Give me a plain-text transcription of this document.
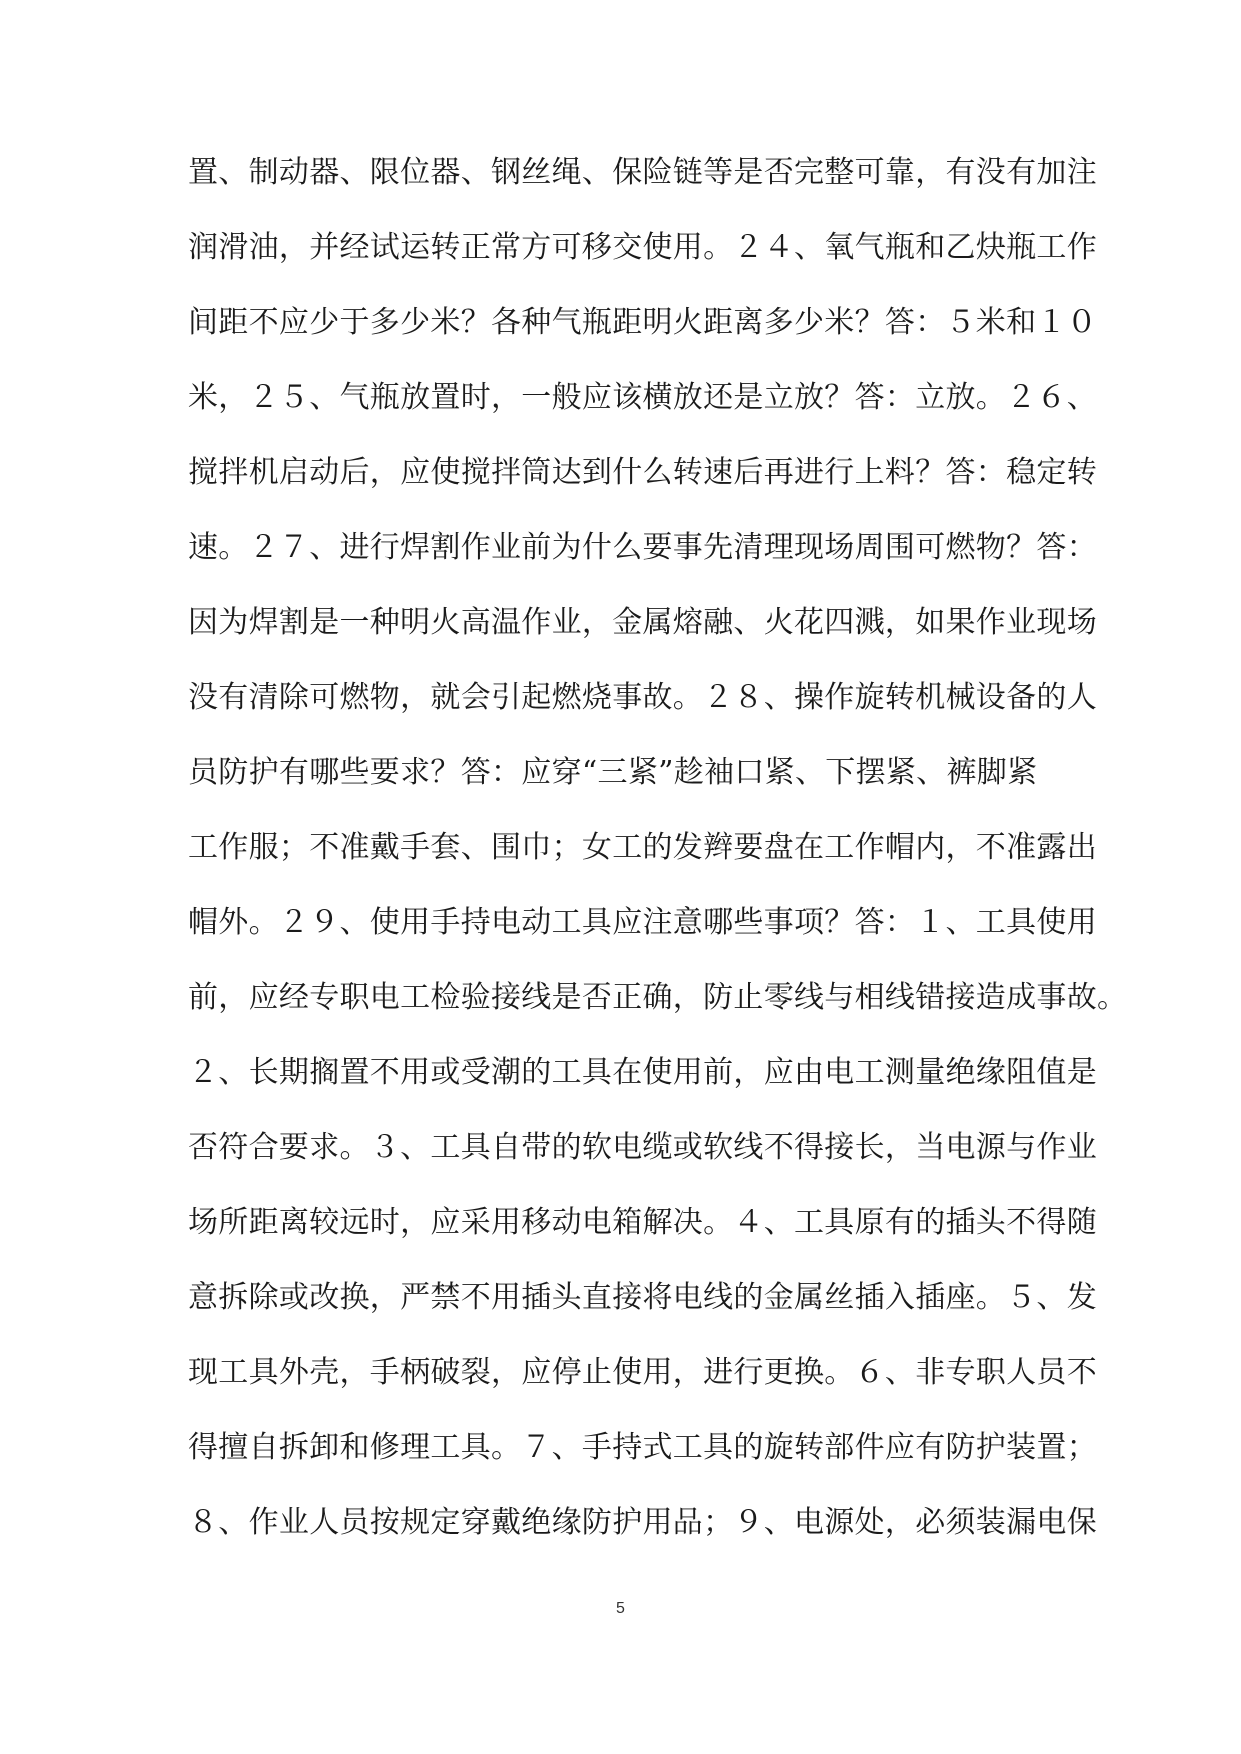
置、制动器、限位器、钢丝绳、保险链等是否完整可靠，有没有加注
润滑油，并经试运转正常方可移交使用。２４、氧气瓶和乙炔瓶工作
间距不应少于多少米？各种气瓶距明火距离多少米？答：５米和１０
米，２５、气瓶放置时，一般应该横放还是立放？答：立放。２６、
搅拌机启动后，应使搅拌筒达到什么转速后再进行上料？答：稳定转
速。２７、进行焊割作业前为什么要事先清理现场周围可燃物？答：
因为焊割是一种明火高温作业，金属熔融、火花四溅，如果作业现场
没有清除可燃物，就会引起燃烧事故。２８、操作旋转机械设备的人
员防护有哪些要求？答：应穿“三紧”趁袖口紧、下摆紧、裤脚紧
工作服；不准戴手套、围巾；女工的发辫要盘在工作帽内，不准露出
帽外。２９、使用手持电动工具应注意哪些事项？答：１、工具使用
前，应经专职电工检验接线是否正确，防止零线与相线错接造成事故。
２、长期搁置不用或受潮的工具在使用前，应由电工测量绝缘阻值是
否符合要求。３、工具自带的软电缆或软线不得接长，当电源与作业
场所距离较远时，应采用移动电箱解决。４、工具原有的插头不得随
意拆除或改换，严禁不用插头直接将电线的金属丝插入插座。５、发
现工具外壳，手柄破裂，应停止使用，进行更换。６、非专职人员不
得擅自拆卸和修理工具。７、手持式工具的旋转部件应有防护装置；
８、作业人员按规定穿戴绝缘防护用品；９、电源处，必须装漏电保
5
